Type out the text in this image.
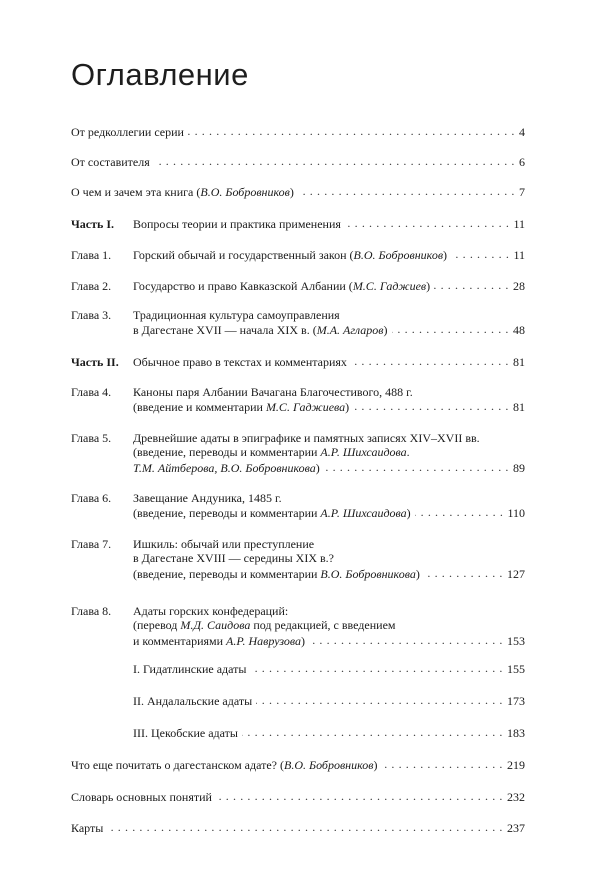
Оглавление
От редколлегии серии . . .	4
От составителя . . .	6
О чем и зачем эта книга (В.О. Бобровников) . . .	7
Часть I.	Вопросы теории и практика применения . . .	11
Глава 1.	Горский обычай и государственный закон (В.О. Бобровников) . . .	11
Глава 2.	Государство и право Кавказской Албании (М.С. Гаджиев) . . .	28
Глава 3.	Традиционная культура самоуправления
в Дагестане XVII — начала XIX в. (М.А. Агларов) . . .	48
Часть II.	Обычное право в текстах и комментариях . . .	81
Глава 4.	Каноны паря Албании Вачагана Благочестивого, 488 г.
(введение и комментарии М.С. Гаджиева) . . .	81
Глава 5.	Древнейшие адаты в эпиграфике и памятных записях XIV–XVII вв.
(введение, переводы и комментарии А.Р. Шихсаидова.
Т.М. Айтберова, В.О. Бобровникова) . . .	89
Глава 6.	Завещание Андуника, 1485 г.
(введение, переводы и комментарии А.Р. Шихсаидова) . . .	110
Глава 7.	Ишкиль: обычай или преступление
в Дагестане XVIII — середины XIX в.?
(введение, переводы и комментарии В.О. Бобровникова) . . .	127
Глава 8.	Адаты горских конфедераций:
(перевод М.Д. Саидова под редакцией, с введением
и комментариями А.Р. Наврузова) . . .	153
I. Гидатлинские адаты . . .	155
II. Андалальские адаты . . .	173
III. Цекобские адаты . . .	183
Что еще почитать о дагестанском адате? (В.О. Бобровников) . . .	219
Словарь основных понятий . . .	232
Карты . . .	237
